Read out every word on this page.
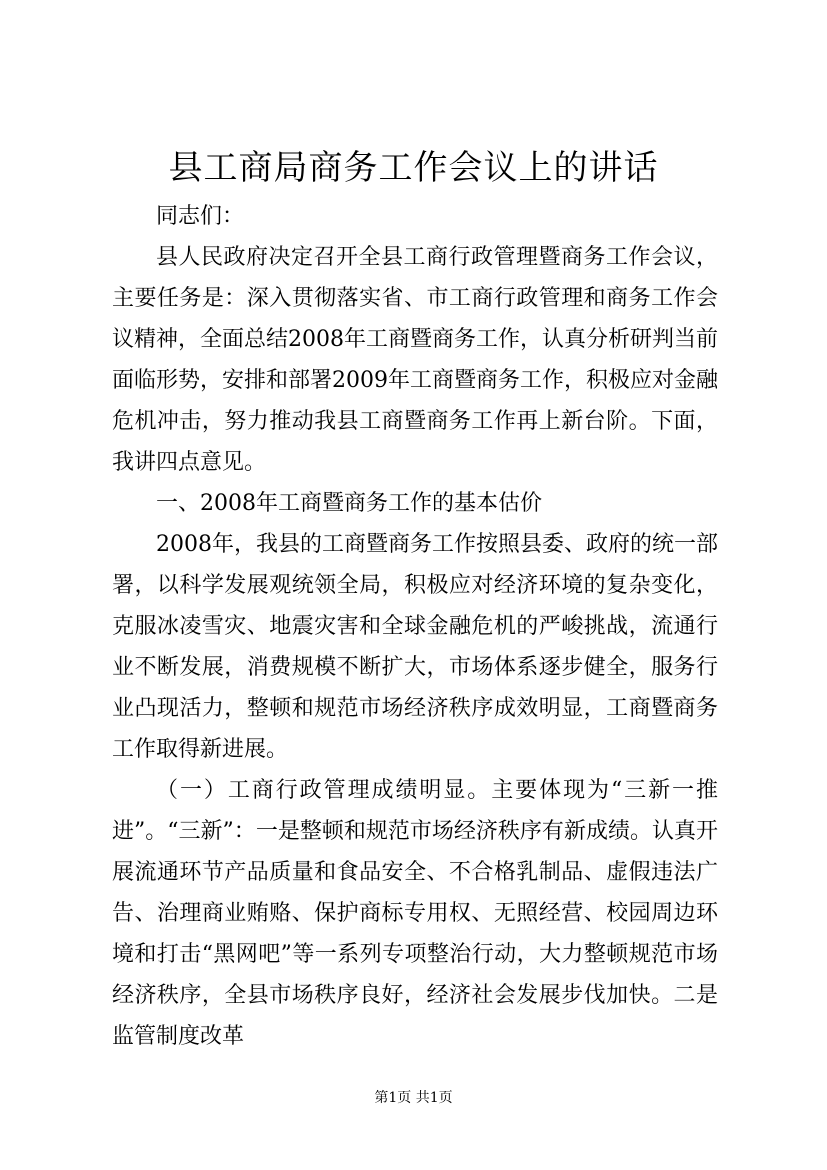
县工商局商务工作会议上的讲话

同志们：

县人民政府决定召开全县工商行政管理暨商务工作会议，主要任务是：深入贯彻落实省、市工商行政管理和商务工作会议精神，全面总结2008年工商暨商务工作，认真分析研判当前面临形势，安排和部署2009年工商暨商务工作，积极应对金融危机冲击，努力推动我县工商暨商务工作再上新台阶。下面，我讲四点意见。

一、2008年工商暨商务工作的基本估价

2008年，我县的工商暨商务工作按照县委、政府的统一部署，以科学发展观统领全局，积极应对经济环境的复杂变化，克服冰凌雪灾、地震灾害和全球金融危机的严峻挑战，流通行业不断发展，消费规模不断扩大，市场体系逐步健全，服务行业凸现活力，整顿和规范市场经济秩序成效明显，工商暨商务工作取得新进展。

（一）工商行政管理成绩明显。主要体现为“三新一推进”。“三新”：一是整顿和规范市场经济秩序有新成绩。认真开展流通环节产品质量和食品安全、不合格乳制品、虚假违法广告、治理商业贿赂、保护商标专用权、无照经营、校园周边环境和打击“黑网吧”等一系列专项整治行动，大力整顿规范市场经济秩序，全县市场秩序良好，经济社会发展步伐加快。二是监管制度改革

第1页 共1页
